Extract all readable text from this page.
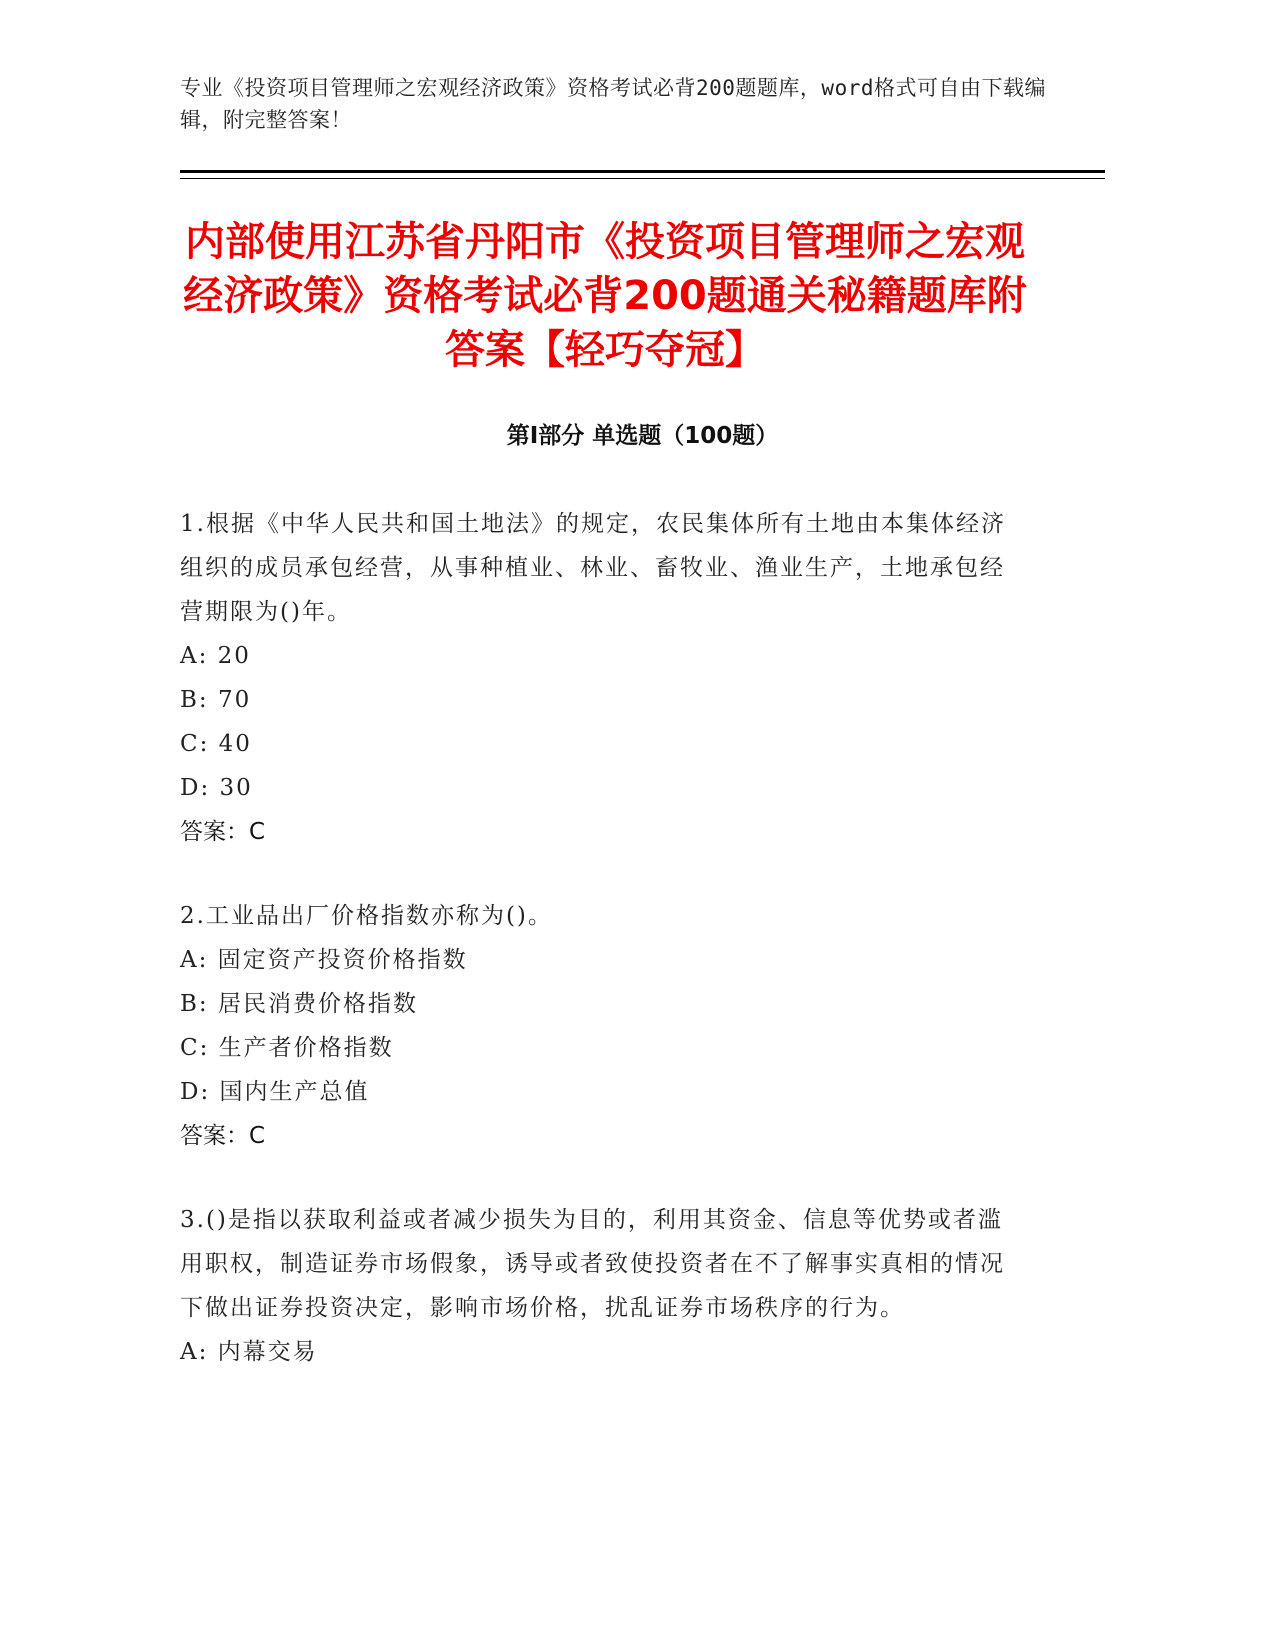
专业《投资项目管理师之宏观经济政策》资格考试必背200题题库，word格式可自由下载编辑，附完整答案！
内部使用江苏省丹阳市《投资项目管理师之宏观经济政策》资格考试必背200题通关秘籍题库附答案【轻巧夺冠】
第Ⅰ部分 单选题（100题）
1.根据《中华人民共和国土地法》的规定，农民集体所有土地由本集体经济组织的成员承包经营，从事种植业、林业、畜牧业、渔业生产，土地承包经营期限为()年。
A: 20
B: 70
C: 40
D: 30
答案：C
2.工业品出厂价格指数亦称为()。
A: 固定资产投资价格指数
B: 居民消费价格指数
C: 生产者价格指数
D: 国内生产总值
答案：C
3.()是指以获取利益或者减少损失为目的，利用其资金、信息等优势或者滥用职权，制造证券市场假象，诱导或者致使投资者在不了解事实真相的情况下做出证券投资决定，影响市场价格，扰乱证券市场秩序的行为。
A: 内幕交易
